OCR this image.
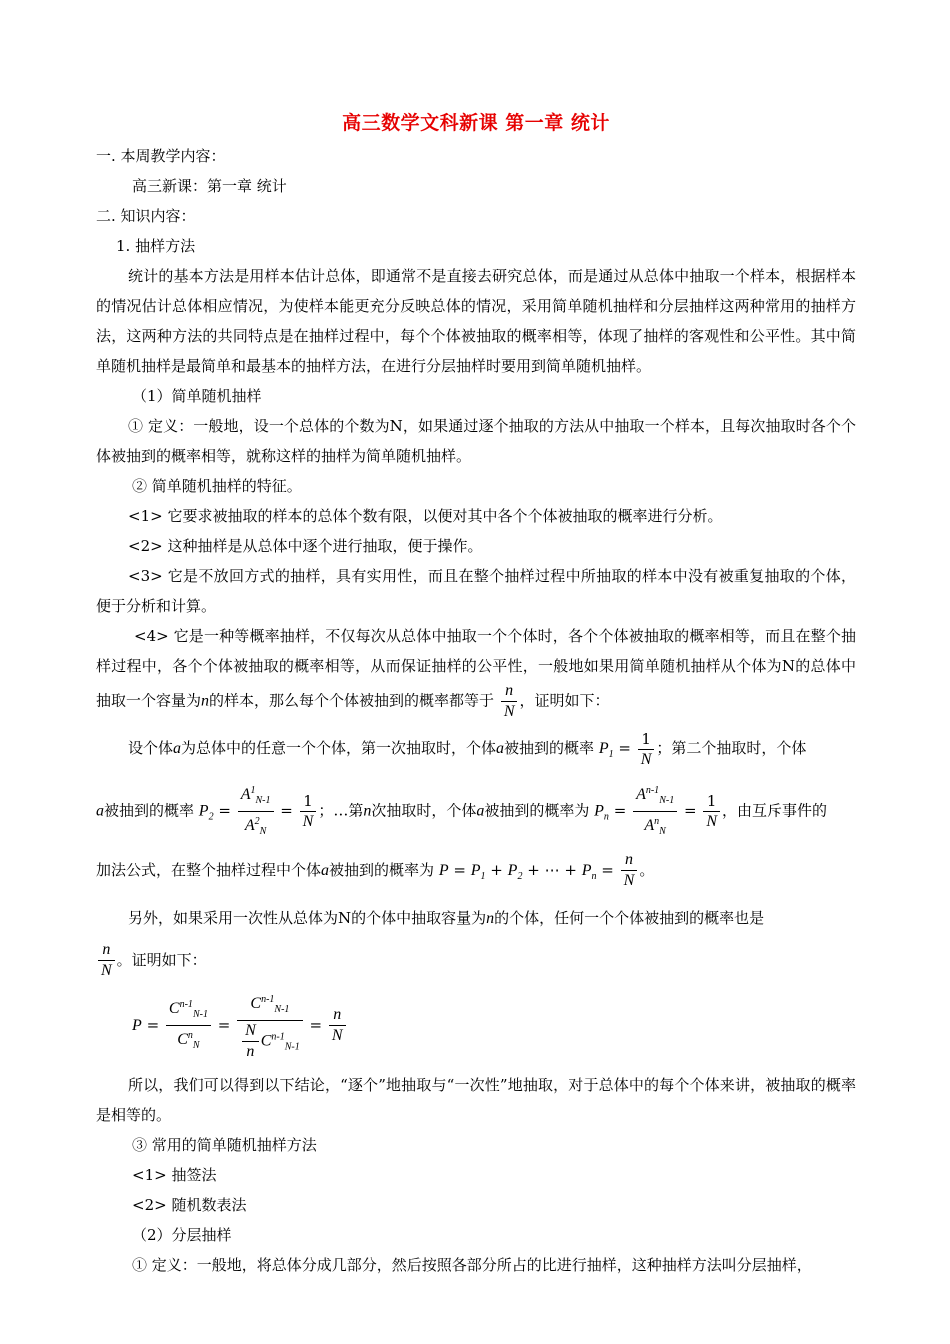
高三数学文科新课 第一章 统计

一. 本周教学内容：

高三新课：第一章 统计

二. 知识内容：

1. 抽样方法

统计的基本方法是用样本估计总体，即通常不是直接去研究总体，而是通过从总体中抽取一个样本，根据样本的情况估计总体相应情况，为使样本能更充分反映总体的情况，采用简单随机抽样和分层抽样这两种常用的抽样方法，这两种方法的共同特点是在抽样过程中，每个个体被抽取的概率相等，体现了抽样的客观性和公平性。其中简单随机抽样是最简单和最基本的抽样方法，在进行分层抽样时要用到简单随机抽样。

（1）简单随机抽样

① 定义：一般地，设一个总体的个数为N，如果通过逐个抽取的方法从中抽取一个样本，且每次抽取时各个个体被抽到的概率相等，就称这样的抽样为简单随机抽样。

② 简单随机抽样的特征。

<1> 它要求被抽取的样本的总体个数有限，以便对其中各个个体被抽取的概率进行分析。

<2> 这种抽样是从总体中逐个进行抽取，便于操作。

<3> 它是不放回方式的抽样，具有实用性，而且在整个抽样过程中所抽取的样本中没有被重复抽取的个体，便于分析和计算。

<4> 它是一种等概率抽样，不仅每次从总体中抽取一个个体时，各个个体被抽取的概率相等，而且在整个抽样过程中，各个个体被抽取的概率相等，从而保证抽样的公平性，一般地如果用简单随机抽样从个体为N的总体中抽取一个容量为n的样本，那么每个个体被抽到的概率都等于 $\frac{n}{N}$ ，证明如下：

设个体a为总体中的任意一个个体，第一次抽取时，个体a被抽到的概率 $P_1 = \frac{1}{N}$ ；第二个抽取时，个体

a被抽到的概率 $P_2 = \frac{A^1_{N-1}}{A^2_N} = \frac{1}{N}$ ；…第n次抽取时，个体a被抽到的概率为 $P_n = \frac{A^{n-1}_{N-1}}{A^n_N} = \frac{1}{N}$ ，由互斥事件的

加法公式，在整个抽样过程中个体a被抽到的概率为 $P = P_1 + P_2$ + ⋯ + $P_n = \frac{n}{N}$ 。

另外，如果采用一次性从总体为N的个体中抽取容量为n的个体，任何一个个体被抽到的概率也是

$\frac{n}{N}$ 。证明如下：

$P = \frac{C^{n-1}_{N-1}}{C^n_N} = \frac{C^{n-1}_{N-1}}{\frac{N}{n} C^{n-1}_{N-1}} = \frac{n}{N}$

所以，我们可以得到以下结论，“逐个”地抽取与“一次性”地抽取，对于总体中的每个个体来讲，被抽取的概率是相等的。

③ 常用的简单随机抽样方法

<1> 抽签法

<2> 随机数表法

（2）分层抽样

① 定义：一般地，将总体分成几部分，然后按照各部分所占的比进行抽样，这种抽样方法叫分层抽样，
